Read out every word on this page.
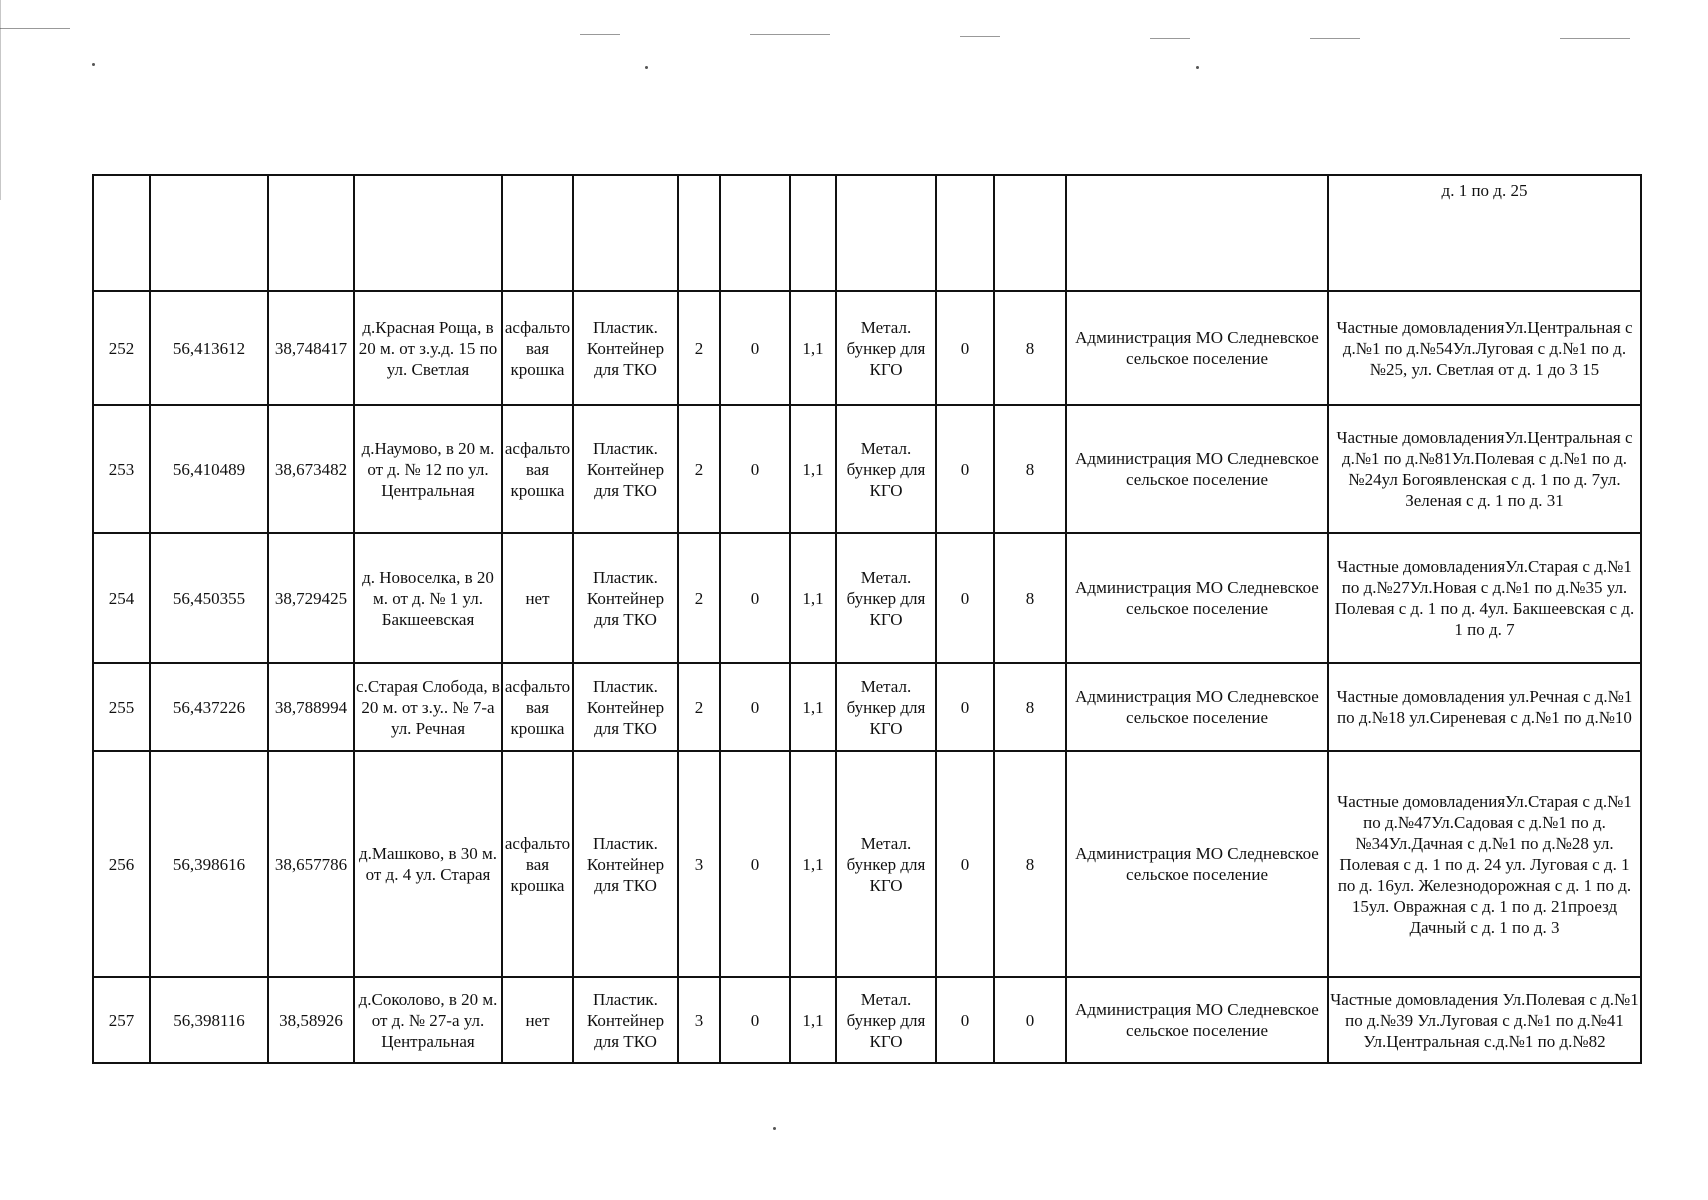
													д. 1 по д. 25
252	56,413612	38,748417	д.Красная Роща, в 20 м. от з.у.д. 15 по ул. Светлая	асфальтовая крошка	Пластик. Контейнер для ТКО	2	0	1,1	Метал. бункер для КГО	0	8	Администрация МО Следневское сельское поселение	Частные домовладенияУл.Центральная с д.№1 по д.№54Ул.Луговая с д.№1 по д.№25, ул. Светлая от д. 1 до 3 15
253	56,410489	38,673482	д.Наумово, в 20 м. от д. № 12 по ул. Центральная	асфальтовая крошка	Пластик. Контейнер для ТКО	2	0	1,1	Метал. бункер для КГО	0	8	Администрация МО Следневское сельское поселение	Частные домовладенияУл.Центральная с д.№1 по д.№81Ул.Полевая с д.№1 по д.№24ул Богоявленская с д. 1 по д. 7ул. Зеленая с д. 1 по д. 31
254	56,450355	38,729425	д. Новоселка, в 20 м. от д. № 1 ул. Бакшеевская	нет	Пластик. Контейнер для ТКО	2	0	1,1	Метал. бункер для КГО	0	8	Администрация МО Следневское сельское поселение	Частные домовладенияУл.Старая с д.№1 по д.№27Ул.Новая с д.№1 по д.№35 ул. Полевая с д. 1 по д. 4ул. Бакшеевская с д. 1 по д. 7
255	56,437226	38,788994	с.Старая Слобода, в 20 м. от з.у.. № 7-а ул. Речная	асфальтовая крошка	Пластик. Контейнер для ТКО	2	0	1,1	Метал. бункер для КГО	0	8	Администрация МО Следневское сельское поселение	Частные домовладения ул.Речная с д.№1 по д.№18 ул.Сиреневая с д.№1 по д.№10
256	56,398616	38,657786	д.Машково, в 30 м. от д. 4 ул. Старая	асфальтовая крошка	Пластик. Контейнер для ТКО	3	0	1,1	Метал. бункер для КГО	0	8	Администрация МО Следневское сельское поселение	Частные домовладенияУл.Старая с д.№1 по д.№47Ул.Садовая с д.№1 по д.№34Ул.Дачная с д.№1 по д.№28 ул. Полевая с д. 1 по д. 24 ул. Луговая с д. 1 по д. 16ул. Железнодорожная с д. 1 по д. 15ул. Овражная с д. 1 по д. 21проезд Дачный с д. 1 по д. 3
257	56,398116	38,58926	д.Соколово, в 20 м. от д. № 27-а ул. Центральная	нет	Пластик. Контейнер для ТКО	3	0	1,1	Метал. бункер для КГО	0	0	Администрация МО Следневское сельское поселение	Частные домовладения Ул.Полевая с д.№1 по д.№39 Ул.Луговая с д.№1 по д.№41 Ул.Центральная с.д.№1 по д.№82
